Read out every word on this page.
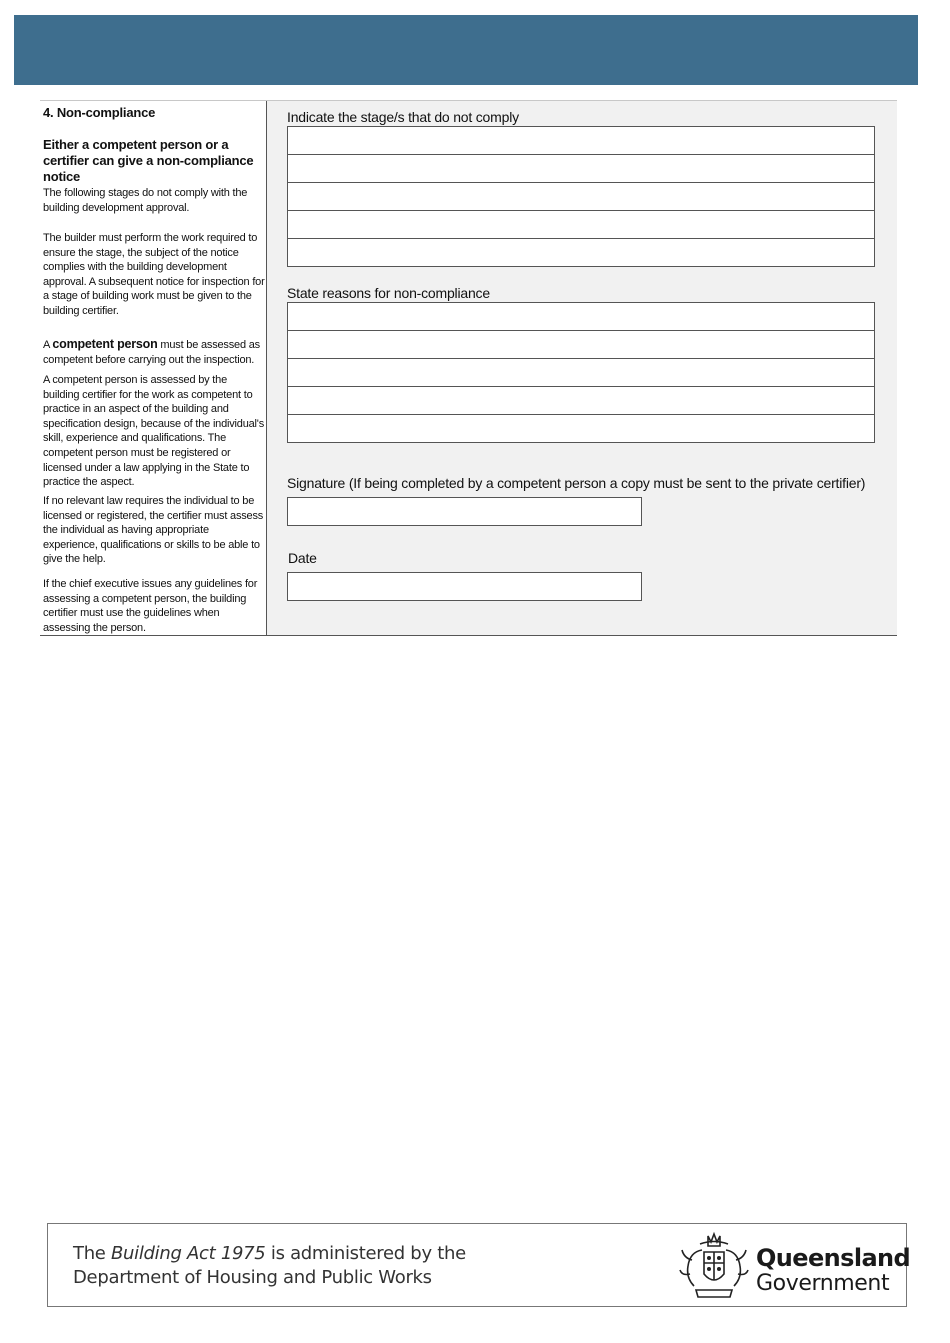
4. Non-compliance
Either a competent person or a certifier can give a non-compliance notice
The following stages do not comply with the building development approval.
The builder must perform the work required to ensure the stage, the subject of the notice complies with the building development approval. A subsequent notice for inspection for a stage of building work must be given to the building certifier.
A competent person must be assessed as competent before carrying out the inspection.
A competent person is assessed by the building certifier for the work as competent to practice in an aspect of the building and specification design, because of the individual's skill, experience and qualifications. The competent person must be registered or licensed under a law applying in the State to practice the aspect.
If no relevant law requires the individual to be licensed or registered, the certifier must assess the individual as having appropriate experience, qualifications or skills to be able to give the help.
If the chief executive issues any guidelines for assessing a competent person, the building certifier must use the guidelines when assessing the person.
Indicate the stage/s that do not comply
State reasons for non-compliance
Signature (If being completed by a competent person a copy must be sent to the private certifier)
Date
The Building Act 1975 is administered by the
Department of Housing and Public Works
Queensland
Government
